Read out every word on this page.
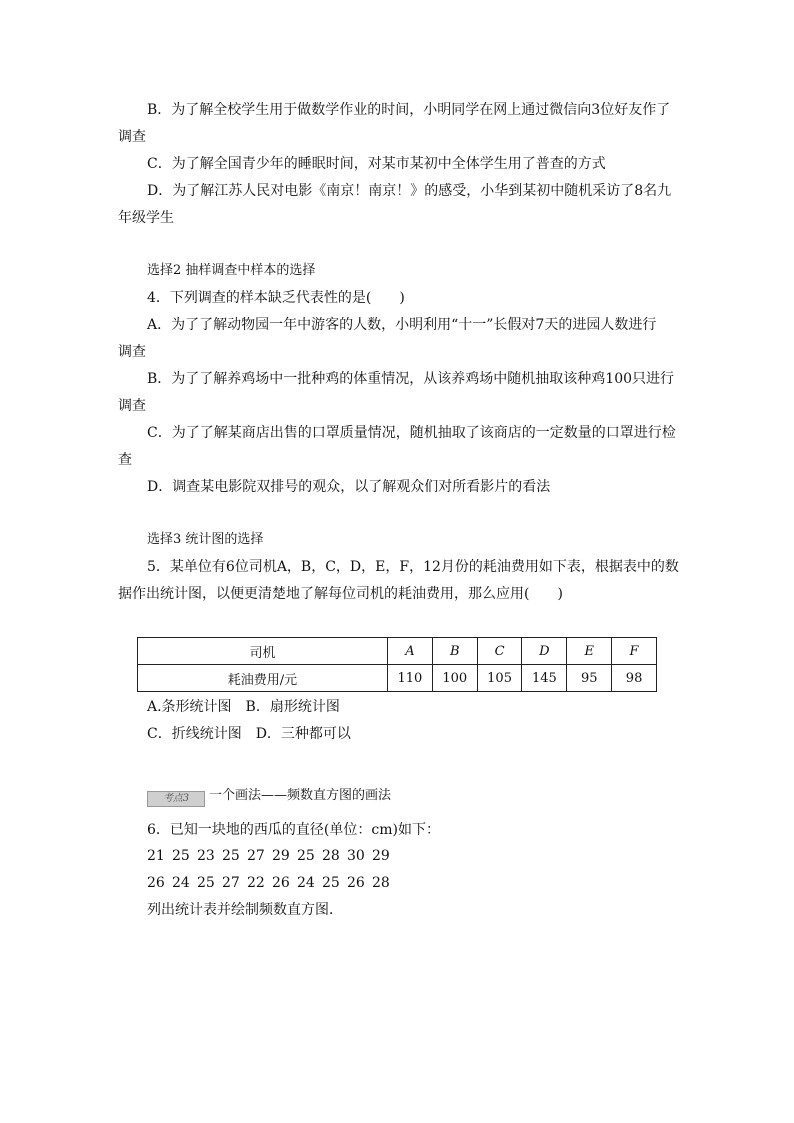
B．为了解全校学生用于做数学作业的时间，小明同学在网上通过微信向3位好友作了
调查
C．为了解全国青少年的睡眠时间，对某市某初中全体学生用了普查的方式
D．为了解江苏人民对电影《南京！南京！》的感受，小华到某初中随机采访了8名九
年级学生
选择2 抽样调查中样本的选择
4．下列调查的样本缺乏代表性的是(　　)
A．为了了解动物园一年中游客的人数，小明利用“十一”长假对7天的进园人数进行
调查
B．为了了解养鸡场中一批种鸡的体重情况，从该养鸡场中随机抽取该种鸡100只进行
调查
C．为了了解某商店出售的口罩质量情况，随机抽取了该商店的一定数量的口罩进行检
查
D．调查某电影院双排号的观众，以了解观众们对所看影片的看法
选择3 统计图的选择
5．某单位有6位司机A，B，C，D，E，F，12月份的耗油费用如下表，根据表中的数
据作出统计图，以便更清楚地了解每位司机的耗油费用，那么应用(　　)
司机	A	B	C	D	E	F
耗油费用/元	110	100	105	145	95	98
A.条形统计图　B．扇形统计图
C．折线统计图　D．三种都可以
考点3 一个画法——频数直方图的画法
6．已知一块地的西瓜的直径(单位：cm)如下：
21 25 23 25 27 29 25 28 30 29
26 24 25 27 22 26 24 25 26 28
列出统计表并绘制频数直方图．
